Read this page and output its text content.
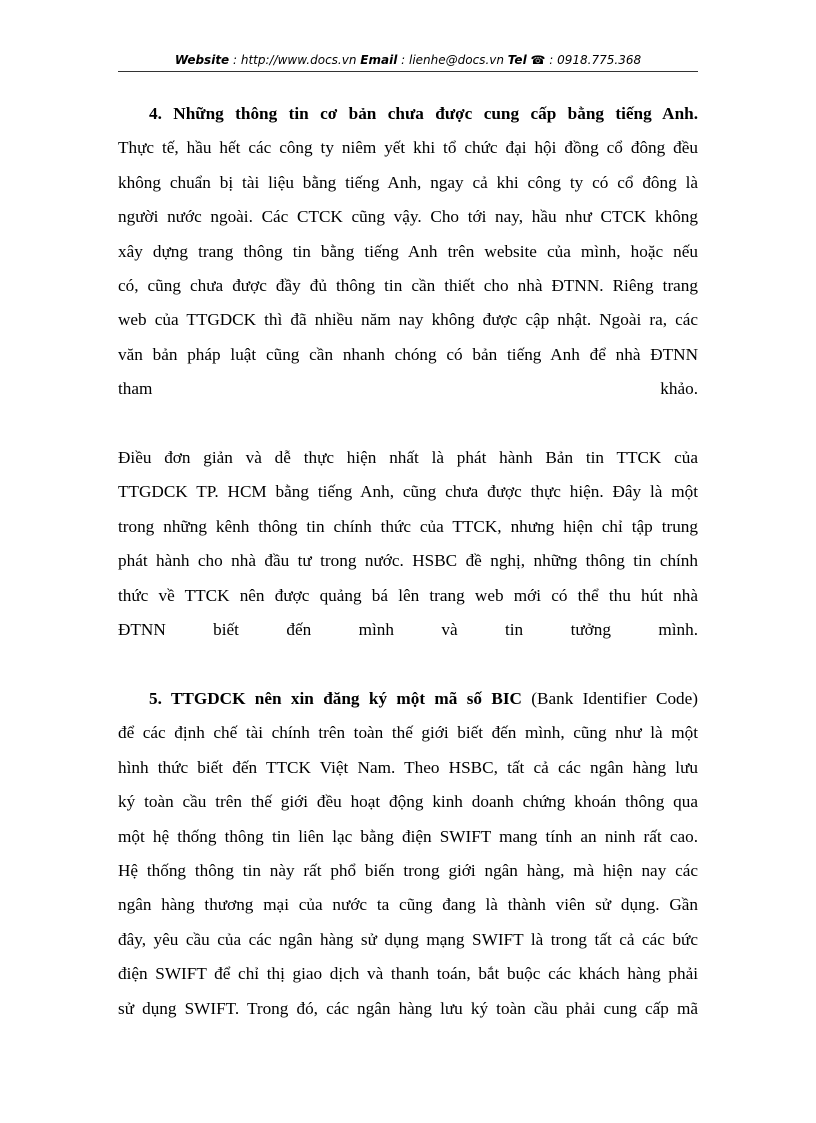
Website : http://www.docs.vn Email : lienhe@docs.vn Tel ☎ : 0918.775.368

4. Những thông tin cơ bản chưa được cung cấp bằng tiếng Anh.

Thực tế, hầu hết các công ty niêm yết khi tổ chức đại hội đồng cổ đông đều

không chuẩn bị tài liệu bằng tiếng Anh, ngay cả khi công ty có cổ đông là

người nước ngoài. Các CTCK cũng vậy. Cho tới nay, hầu như CTCK không

xây dựng trang thông tin bằng tiếng Anh trên website của mình, hoặc nếu

có, cũng chưa được đầy đủ thông tin cần thiết cho nhà ĐTNN. Riêng trang

web của TTGDCK thì đã nhiều năm nay không được cập nhật. Ngoài ra, các

văn bản pháp luật cũng cần nhanh chóng có bản tiếng Anh để nhà ĐTNN

tham khảo.

Điều đơn giản và dễ thực hiện nhất là phát hành Bản tin TTCK của

TTGDCK TP. HCM bằng tiếng Anh, cũng chưa được thực hiện. Đây là một

trong những kênh thông tin chính thức của TTCK, nhưng hiện chỉ tập trung

phát hành cho nhà đầu tư trong nước. HSBC đề nghị, những thông tin chính

thức về TTCK nên được quảng bá lên trang web mới có thể thu hút nhà

ĐTNN biết đến mình và tin tưởng mình.

5. TTGDCK nên xin đăng ký một mã số BIC (Bank Identifier Code)

để các định chế tài chính trên toàn thế giới biết đến mình, cũng như là một

hình thức biết đến TTCK Việt Nam. Theo HSBC, tất cả các ngân hàng lưu

ký toàn cầu trên thế giới đều hoạt động kinh doanh chứng khoán thông qua

một hệ thống thông tin liên lạc bằng điện SWIFT mang tính an ninh rất cao.

Hệ thống thông tin này rất phổ biến trong giới ngân hàng, mà hiện nay các

ngân hàng thương mại của nước ta cũng đang là thành viên sử dụng. Gần

đây, yêu cầu của các ngân hàng sử dụng mạng SWIFT là trong tất cả các bức

điện SWIFT để chỉ thị giao dịch và thanh toán, bắt buộc các khách hàng phải

sử dụng SWIFT. Trong đó, các ngân hàng lưu ký toàn cầu phải cung cấp mã
